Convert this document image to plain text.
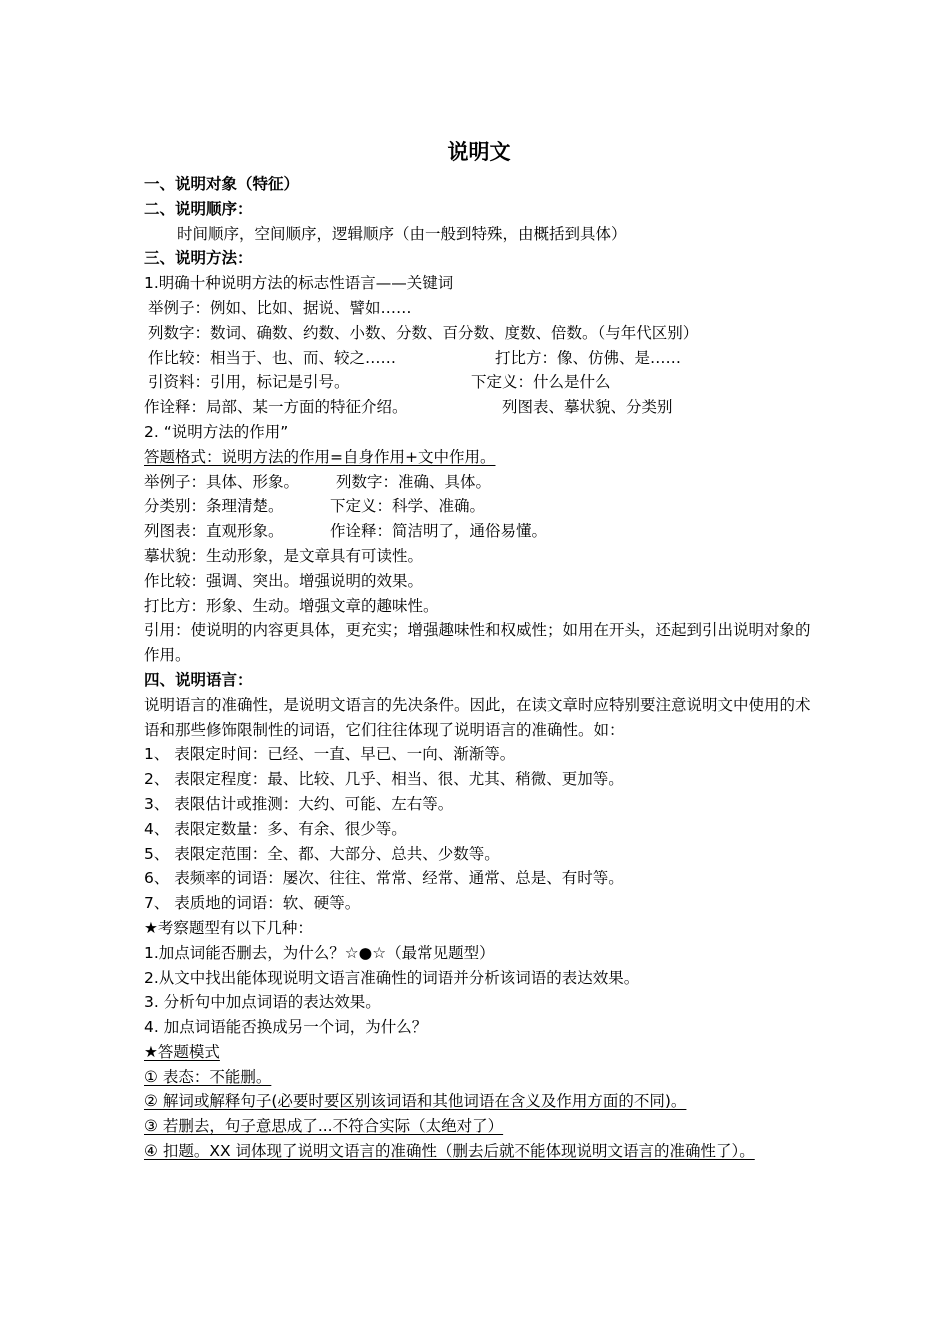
说明文
一、说明对象（特征）
二、说明顺序：
时间顺序，空间顺序，逻辑顺序（由一般到特殊，由概括到具体）
三、说明方法：
1.明确十种说明方法的标志性语言——关键词
举例子：例如、比如、据说、譬如……
列数字：数词、确数、约数、小数、分数、百分数、度数、倍数。（与年代区别）
作比较：相当于、也、而、较之……	打比方：像、仿佛、是……
引资料：引用，标记是引号。	下定义：什么是什么
作诠释：局部、某一方面的特征介绍。	列图表、摹状貌、分类别
2. “说明方法的作用”
答题格式：说明方法的作用=自身作用+文中作用。
举例子：具体、形象。 列数字：准确、具体。
分类别：条理清楚。	下定义：科学、准确。
列图表：直观形象。	作诠释：简洁明了，通俗易懂。
摹状貌：生动形象，是文章具有可读性。
作比较：强调、突出。增强说明的效果。
打比方：形象、生动。增强文章的趣味性。
引用：使说明的内容更具体，更充实；增强趣味性和权威性；如用在开头，还起到引出说明对象的作用。
四、说明语言：
说明语言的准确性，是说明文语言的先决条件。因此，在读文章时应特别要注意说明文中使用的术语和那些修饰限制性的词语，它们往往体现了说明语言的准确性。如：
1、 表限定时间：已经、一直、早已、一向、渐渐等。
2、 表限定程度：最、比较、几乎、相当、很、尤其、稍微、更加等。
3、 表限估计或推测：大约、可能、左右等。
4、 表限定数量：多、有余、很少等。
5、 表限定范围：全、都、大部分、总共、少数等。
6、 表频率的词语：屡次、往往、常常、经常、通常、总是、有时等。
7、 表质地的词语：软、硬等。
★考察题型有以下几种：
1.加点词能否删去，为什么？☆●☆（最常见题型）
2.从文中找出能体现说明文语言准确性的词语并分析该词语的表达效果。
3. 分析句中加点词语的表达效果。
4. 加点词语能否换成另一个词，为什么？
★答题模式
① 表态：不能删。
② 解词或解释句子(必要时要区别该词语和其他词语在含义及作用方面的不同)。
③ 若删去，句子意思成了...不符合实际（太绝对了）
④ 扣题。XX 词体现了说明文语言的准确性（删去后就不能体现说明文语言的准确性了）。
